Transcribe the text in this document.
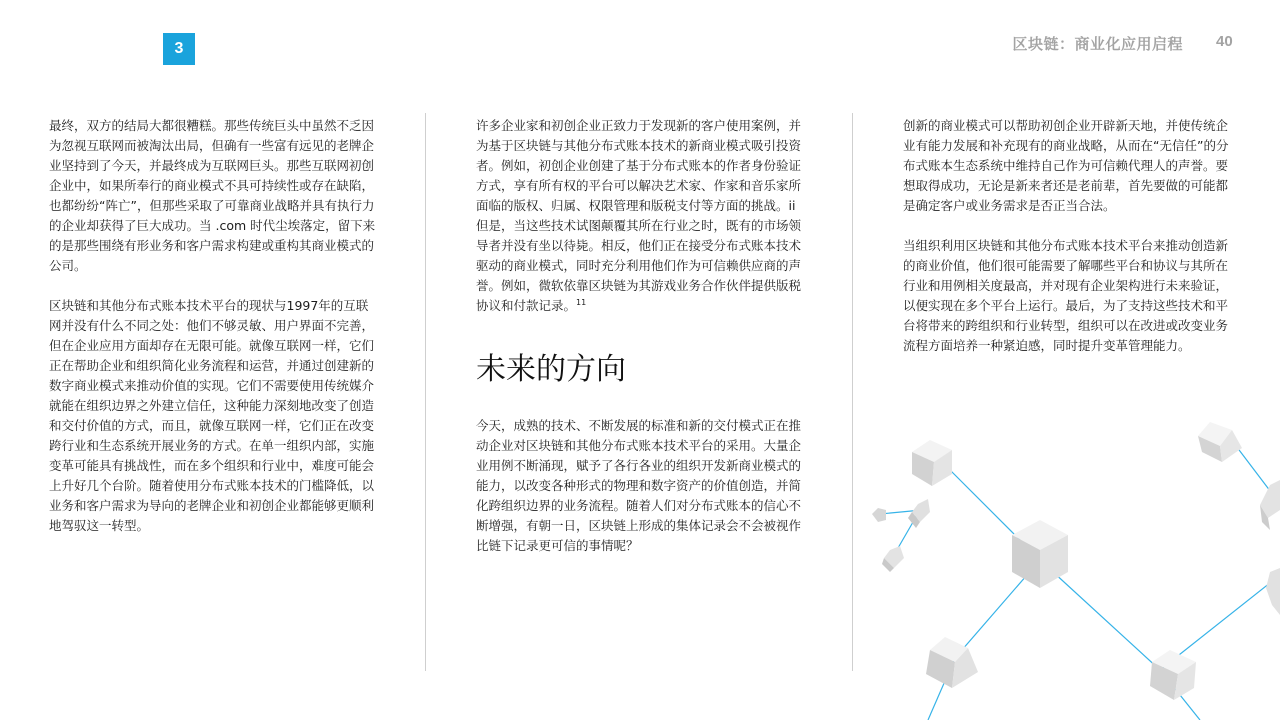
3	区块链：商业化应用启程 40

最终，双方的结局大都很糟糕。那些传统巨头中虽然不乏因为忽视互联网而被淘汰出局，但确有一些富有远见的老牌企业坚持到了今天，并最终成为互联网巨头。那些互联网初创企业中，如果所奉行的商业模式不具可持续性或存在缺陷，也都纷纷“阵亡”，但那些采取了可靠商业战略并具有执行力的企业却获得了巨大成功。当 .com 时代尘埃落定，留下来的是那些围绕有形业务和客户需求构建或重构其商业模式的公司。

区块链和其他分布式账本技术平台的现状与1997年的互联网并没有什么不同之处：他们不够灵敏、用户界面不完善，但在企业应用方面却存在无限可能。就像互联网一样，它们正在帮助企业和组织简化业务流程和运营，并通过创建新的数字商业模式来推动价值的实现。它们不需要使用传统媒介就能在组织边界之外建立信任，这种能力深刻地改变了创造和交付价值的方式，而且，就像互联网一样，它们正在改变跨行业和生态系统开展业务的方式。在单一组织内部，实施变革可能具有挑战性，而在多个组织和行业中，难度可能会上升好几个台阶。随着使用分布式账本技术的门槛降低，以业务和客户需求为导向的老牌企业和初创企业都能够更顺利地驾驭这一转型。

许多企业家和初创企业正致力于发现新的客户使用案例，并为基于区块链与其他分布式账本技术的新商业模式吸引投资者。例如，初创企业创建了基于分布式账本的作者身份验证方式，享有所有权的平台可以解决艺术家、作家和音乐家所面临的版权、归属、权限管理和版税支付等方面的挑战。ii但是，当这些技术试图颠覆其所在行业之时，既有的市场领导者并没有坐以待毙。相反，他们正在接受分布式账本技术驱动的商业模式，同时充分利用他们作为可信赖供应商的声誉。例如，微软依靠区块链为其游戏业务合作伙伴提供版税协议和付款记录。$^{11}$

未来的方向

今天，成熟的技术、不断发展的标准和新的交付模式正在推动企业对区块链和其他分布式账本技术平台的采用。大量企业用例不断涌现，赋予了各行各业的组织开发新商业模式的能力，以改变各种形式的物理和数字资产的价值创造，并简化跨组织边界的业务流程。随着人们对分布式账本的信心不断增强，有朝一日，区块链上形成的集体记录会不会被视作比链下记录更可信的事情呢？

创新的商业模式可以帮助初创企业开辟新天地，并使传统企业有能力发展和补充现有的商业战略，从而在“无信任”的分布式账本生态系统中维持自己作为可信赖代理人的声誉。要想取得成功，无论是新来者还是老前辈，首先要做的可能都是确定客户或业务需求是否正当合法。

当组织利用区块链和其他分布式账本技术平台来推动创造新的商业价值，他们很可能需要了解哪些平台和协议与其所在行业和用例相关度最高，并对现有企业架构进行未来验证，以便实现在多个平台上运行。最后，为了支持这些技术和平台将带来的跨组织和行业转型，组织可以在改进或改变业务流程方面培养一种紧迫感，同时提升变革管理能力。
